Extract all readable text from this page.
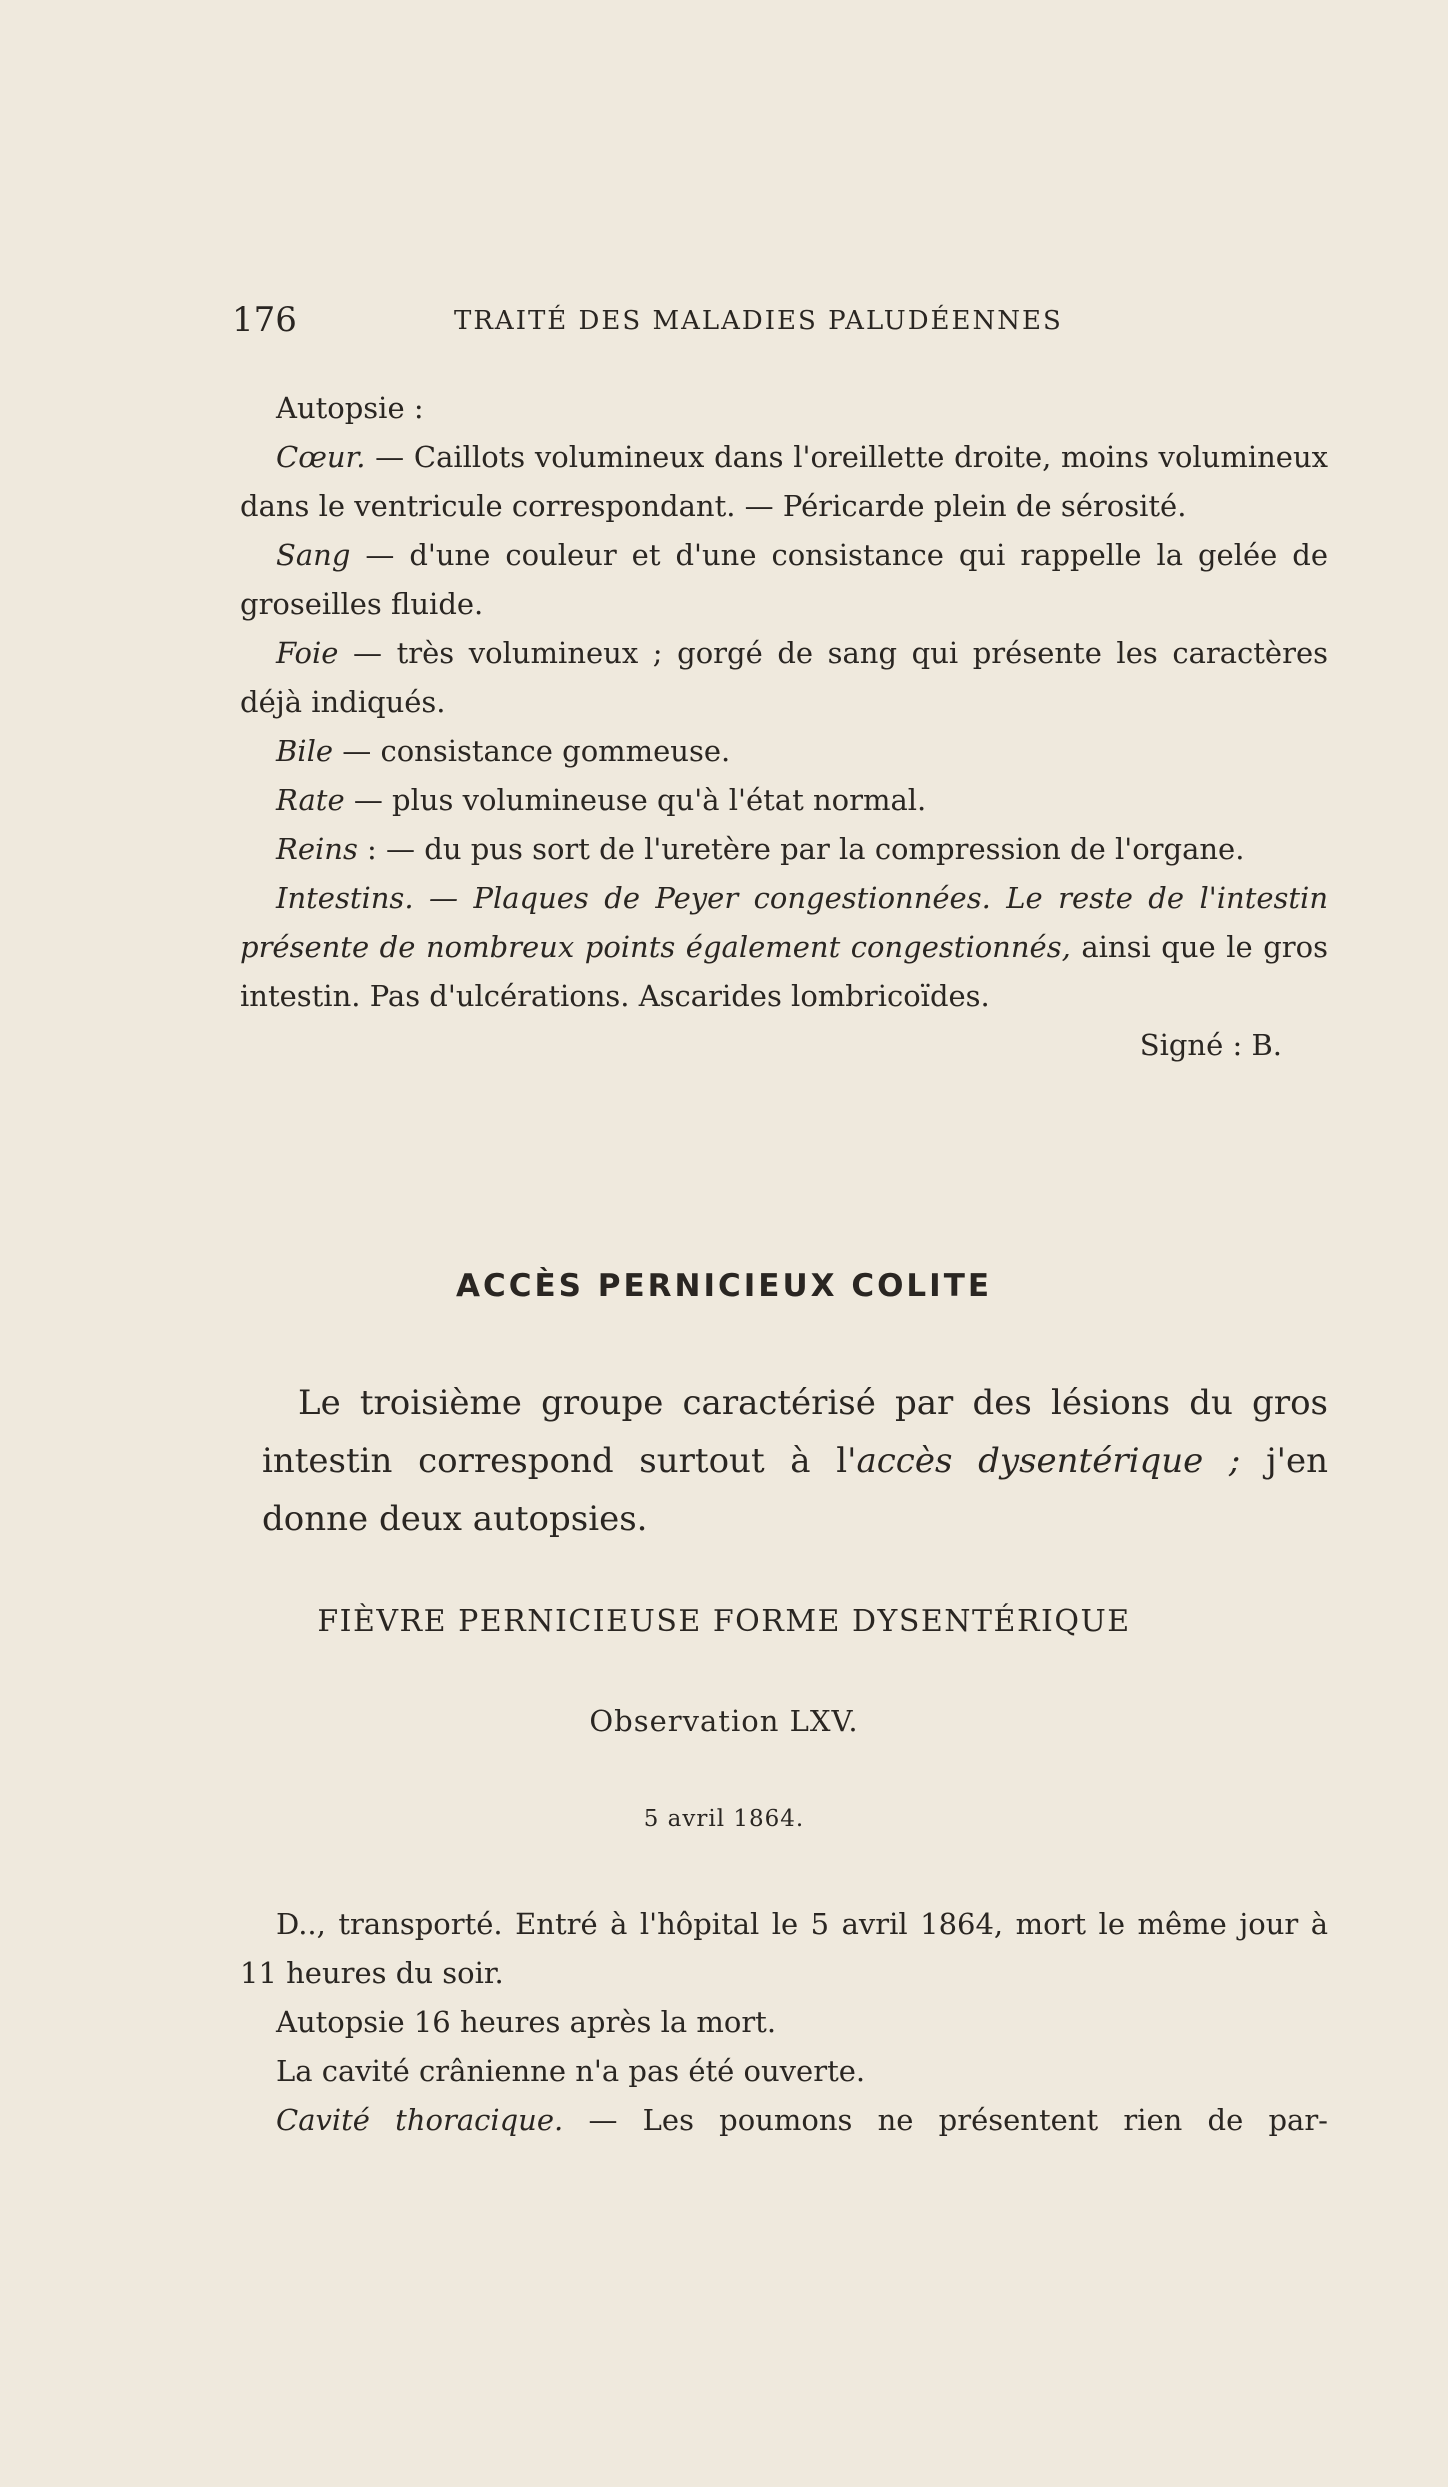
176	TRAITÉ DES MALADIES PALUDÉENNES

Autopsie :

Cœur. — Caillots volumineux dans l'oreillette droite, moins volumineux dans le ventricule correspondant. — Péricarde plein de sérosité.

Sang — d'une couleur et d'une consistance qui rappelle la gelée de groseilles fluide.

Foie — très volumineux ; gorgé de sang qui présente les caractères déjà indiqués.

Bile — consistance gommeuse.

Rate — plus volumineuse qu'à l'état normal.

Reins : — du pus sort de l'uretère par la compression de l'organe.

Intestins. — Plaques de Peyer congestionnées. Le reste de l'intestin présente de nombreux points également congestionnés, ainsi que le gros intestin. Pas d'ulcérations. Ascarides lombricoïdes.

Signé : B.

ACCÈS PERNICIEUX COLITE

Le troisième groupe caractérisé par des lésions du gros intestin correspond surtout à l'accès dysentérique ; j'en donne deux autopsies.

FIÈVRE PERNICIEUSE FORME DYSENTÉRIQUE
Observation LXV.
5 avril 1864.

D.., transporté. Entré à l'hôpital le 5 avril 1864, mort le même jour à 11 heures du soir.

Autopsie 16 heures après la mort.

La cavité crânienne n'a pas été ouverte.

Cavité thoracique. — Les poumons ne présentent rien de par-
